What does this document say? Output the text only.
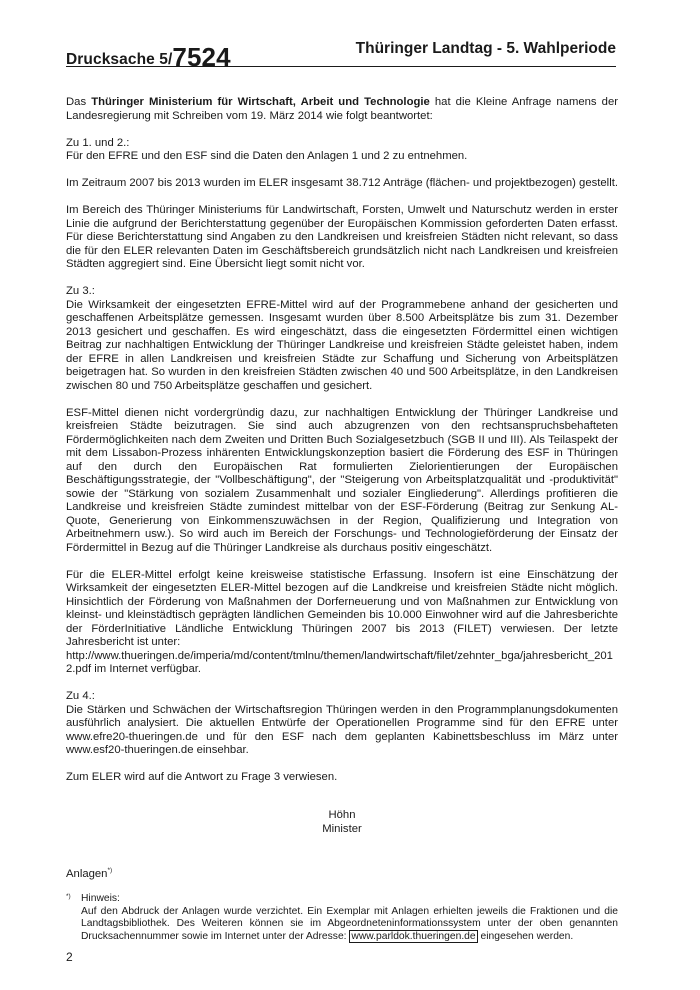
Drucksache 5/7524	Thüringer Landtag - 5. Wahlperiode

Das Thüringer Ministerium für Wirtschaft, Arbeit und Technologie hat die Kleine Anfrage namens der Landesregierung mit Schreiben vom 19. März 2014 wie folgt beantwortet:

Zu 1. und 2.:

Für den EFRE und den ESF sind die Daten den Anlagen 1 und 2 zu entnehmen.

Im Zeitraum 2007 bis 2013 wurden im ELER insgesamt 38.712 Anträge (flächen- und projektbezogen) gestellt.

Im Bereich des Thüringer Ministeriums für Landwirtschaft, Forsten, Umwelt und Naturschutz werden in erster Linie die aufgrund der Berichterstattung gegenüber der Europäischen Kommission geforderten Daten erfasst. Für diese Berichterstattung sind Angaben zu den Landkreisen und kreisfreien Städten nicht relevant, so dass die für den ELER relevanten Daten im Geschäftsbereich grundsätzlich nicht nach Landkreisen und kreisfreien Städten aggregiert sind. Eine Übersicht liegt somit nicht vor.

Zu 3.:

Die Wirksamkeit der eingesetzten EFRE-Mittel wird auf der Programmebene anhand der gesicherten und geschaffenen Arbeitsplätze gemessen. Insgesamt wurden über 8.500 Arbeitsplätze bis zum 31. Dezember 2013 gesichert und geschaffen. Es wird eingeschätzt, dass die eingesetzten Fördermittel einen wichtigen Beitrag zur nachhaltigen Entwicklung der Thüringer Landkreise und kreisfreien Städte geleistet haben, indem der EFRE in allen Landkreisen und kreisfreien Städte zur Schaffung und Sicherung von Arbeitsplätzen beigetragen hat. So wurden in den kreisfreien Städten zwischen 40 und 500 Arbeitsplätze, in den Landkreisen zwischen 80 und 750 Arbeitsplätze geschaffen und gesichert.

ESF-Mittel dienen nicht vordergründig dazu, zur nachhaltigen Entwicklung der Thüringer Landkreise und kreisfreien Städte beizutragen. Sie sind auch abzugrenzen von den rechtsanspruchsbehafteten Fördermöglichkeiten nach dem Zweiten und Dritten Buch Sozialgesetzbuch (SGB II und III). Als Teilaspekt der mit dem Lissabon-Prozess inhärenten Entwicklungskonzeption basiert die Förderung des ESF in Thüringen auf den durch den Europäischen Rat formulierten Zielorientierungen der Europäischen Beschäftigungsstrategie, der "Vollbeschäftigung", der "Steigerung von Arbeitsplatzqualität und -produktivität" sowie der "Stärkung von sozialem Zusammenhalt und sozialer Eingliederung". Allerdings profitieren die Landkreise und kreisfreien Städte zumindest mittelbar von der ESF-Förderung (Beitrag zur Senkung AL-Quote, Generierung von Einkommenszuwächsen in der Region, Qualifizierung und Integration von Arbeitnehmern usw.). So wird auch im Bereich der Forschungs- und Technologieförderung der Einsatz der Fördermittel in Bezug auf die Thüringer Landkreise als durchaus positiv eingeschätzt.

Für die ELER-Mittel erfolgt keine kreisweise statistische Erfassung. Insofern ist eine Einschätzung der Wirksamkeit der eingesetzten ELER-Mittel bezogen auf die Landkreise und kreisfreien Städte nicht möglich. Hinsichtlich der Förderung von Maßnahmen der Dorferneuerung und von Maßnahmen zur Entwicklung von kleinst- und kleinstädtisch geprägten ländlichen Gemeinden bis 10.000 Einwohner wird auf die Jahresberichte der FörderInitiative Ländliche Entwicklung Thüringen 2007 bis 2013 (FILET) verwiesen. Der letzte Jahresbericht ist unter:

http://www.thueringen.de/imperia/md/content/tmlnu/themen/landwirtschaft/filet/zehnter_bga/jahresbericht_2012.pdf im Internet verfügbar.

Zu 4.:

Die Stärken und Schwächen der Wirtschaftsregion Thüringen werden in den Programmplanungsdokumenten ausführlich analysiert. Die aktuellen Entwürfe der Operationellen Programme sind für den EFRE unter www.efre20-thueringen.de und für den ESF nach dem geplanten Kabinettsbeschluss im März unter www.esf20-thueringen.de einsehbar.

Zum ELER wird auf die Antwort zu Frage 3 verwiesen.

Höhn
Minister
Anlagen*)
*) Hinweis:
Auf den Abdruck der Anlagen wurde verzichtet. Ein Exemplar mit Anlagen erhielten jeweils die Fraktionen und die Landtagsbibliothek. Des Weiteren können sie im Abgeordneteninformationssystem unter der oben genannten Drucksachennummer sowie im Internet unter der Adresse: www.parldok.thueringen.de eingesehen werden.
2
